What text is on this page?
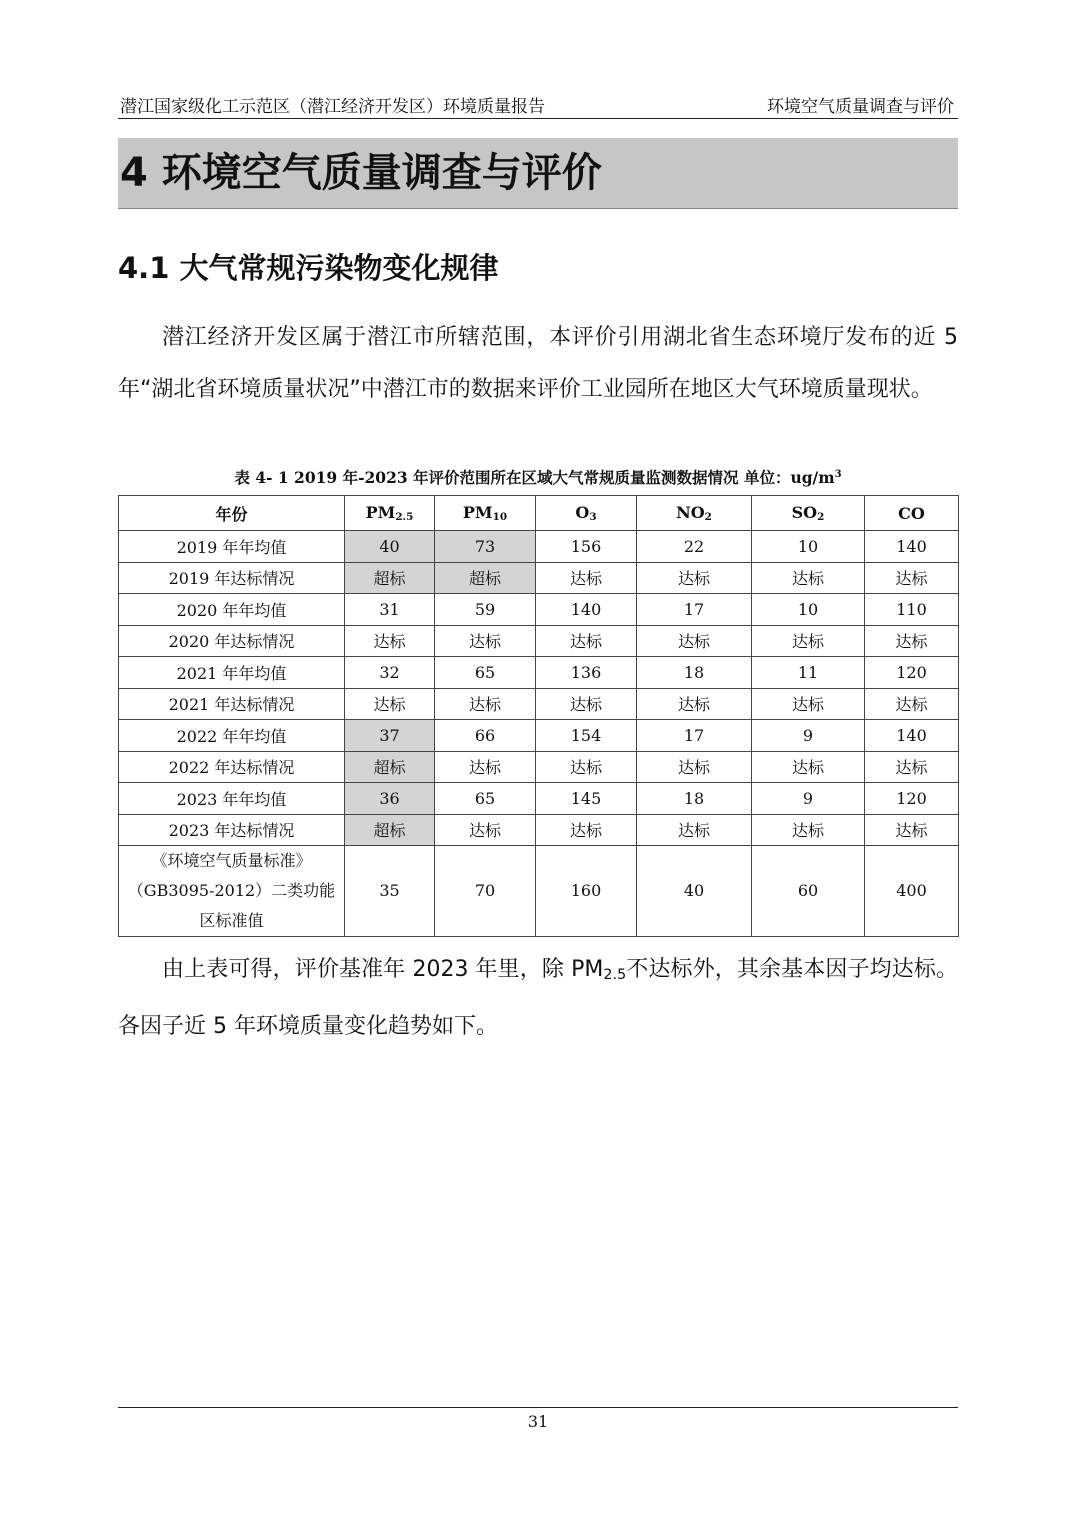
潜江国家级化工示范区（潜江经济开发区）环境质量报告	环境空气质量调查与评价
4 环境空气质量调查与评价
4.1 大气常规污染物变化规律

潜江经济开发区属于潜江市所辖范围，本评价引用湖北省生态环境厅发布的近 5 年“湖北省环境质量状况”中潜江市的数据来评价工业园所在地区大气环境质量现状。

表 4- 1 2019 年-2023 年评价范围所在区域大气常规质量监测数据情况 单位：$ug/m^3$
年份	$PM_{2.5}$	$PM_{10}$	$O_3$	$NO_2$	$SO_2$	CO
2019 年年均值	40	73	156	22	10	140
2019 年达标情况	超标	超标	达标	达标	达标	达标
2020 年年均值	31	59	140	17	10	110
2020 年达标情况	达标	达标	达标	达标	达标	达标
2021 年年均值	32	65	136	18	11	120
2021 年达标情况	达标	达标	达标	达标	达标	达标
2022 年年均值	37	66	154	17	9	140
2022 年达标情况	超标	达标	达标	达标	达标	达标
2023 年年均值	36	65	145	18	9	120
2023 年达标情况	超标	达标	达标	达标	达标	达标

《环境空气质量标准》
（GB3095-2012）二类功能
区标准值	35	70	160	40	60	400

由上表可得，评价基准年 2023 年里，除 $PM_{2.5}$不达标外，其余基本因子均达标。各因子近 5 年环境质量变化趋势如下。

31
